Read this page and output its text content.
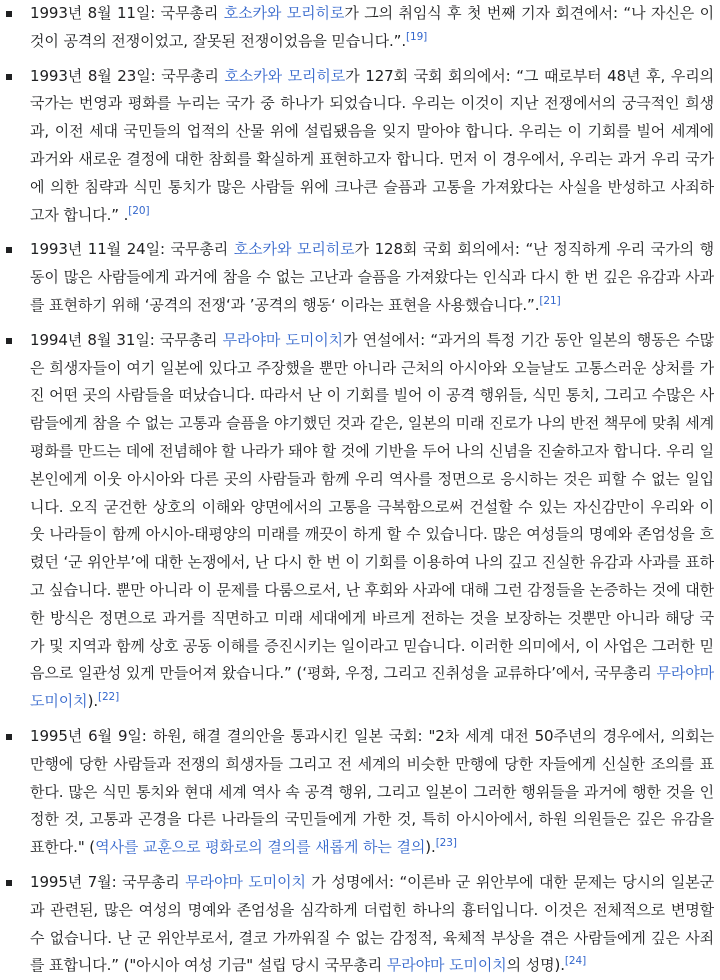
1993년 8월 11일: 국무총리 호소카와 모리히로가 그의 취임식 후 첫 번째 기자 회견에서: “나 자신은 이것이 공격의 전쟁이었고, 잘못된 전쟁이었음을 믿습니다.”.[19]
1993년 8월 23일: 국무총리 호소카와 모리히로가 127회 국회 회의에서: “그 때로부터 48년 후, 우리의 국가는 번영과 평화를 누리는 국가 중 하나가 되었습니다. 우리는 이것이 지난 전쟁에서의 궁극적인 희생과, 이전 세대 국민들의 업적의 산물 위에 설립됐음을 잊지 말아야 합니다. 우리는 이 기회를 빌어 세계에 과거와 새로운 결정에 대한 참회를 확실하게 표현하고자 합니다. 먼저 이 경우에서, 우리는 과거 우리 국가에 의한 침략과 식민 통치가 많은 사람들 위에 크나큰 슬픔과 고통을 가져왔다는 사실을 반성하고 사죄하고자 합니다.” .[20]
1993년 11월 24일: 국무총리 호소카와 모리히로가 128회 국회 회의에서: “난 정직하게 우리 국가의 행동이 많은 사람들에게 과거에 참을 수 없는 고난과 슬픔을 가져왔다는 인식과 다시 한 번 깊은 유감과 사과를 표현하기 위해 ‘공격의 전쟁‘과 ’공격의 행동‘ 이라는 표현을 사용했습니다.”.[21]
1994년 8월 31일: 국무총리 무라야마 도미이치가 연설에서: “과거의 특정 기간 동안 일본의 행동은 수많은 희생자들이 여기 일본에 있다고 주장했을 뿐만 아니라 근처의 아시아와 오늘날도 고통스러운 상처를 가진 어떤 곳의 사람들을 떠났습니다. 따라서 난 이 기회를 빌어 이 공격 행위들, 식민 통치, 그리고 수많은 사람들에게 참을 수 없는 고통과 슬픔을 야기했던 것과 같은, 일본의 미래 진로가 나의 반전 책무에 맞춰 세계 평화를 만드는 데에 전념해야 할 나라가 돼야 할 것에 기반을 두어 나의 신념을 진술하고자 합니다. 우리 일본인에게 이웃 아시아와 다른 곳의 사람들과 함께 우리 역사를 정면으로 응시하는 것은 피할 수 없는 일입니다. 오직 굳건한 상호의 이해와 양면에서의 고통을 극복함으로써 건설할 수 있는 자신감만이 우리와 이웃 나라들이 함께 아시아-태평양의 미래를 깨끗이 하게 할 수 있습니다. 많은 여성들의 명예와 존엄성을 흐렸던 ‘군 위안부’에 대한 논쟁에서, 난 다시 한 번 이 기회를 이용하여 나의 깊고 진실한 유감과 사과를 표하고 싶습니다. 뿐만 아니라 이 문제를 다룸으로서, 난 후회와 사과에 대해 그런 감정들을 논증하는 것에 대한 한 방식은 정면으로 과거를 직면하고 미래 세대에게 바르게 전하는 것을 보장하는 것뿐만 아니라 해당 국가 및 지역과 함께 상호 공동 이해를 증진시키는 일이라고 믿습니다. 이러한 의미에서, 이 사업은 그러한 믿음으로 일관성 있게 만들어져 왔습니다.” (‘평화, 우정, 그리고 진취성을 교류하다’에서, 국무총리 무라야마 도미이치).[22]
1995년 6월 9일: 하원, 해결 결의안을 통과시킨 일본 국회: "2차 세계 대전 50주년의 경우에서, 의회는 만행에 당한 사람들과 전쟁의 희생자들 그리고 전 세계의 비슷한 만행에 당한 자들에게 신실한 조의를 표한다. 많은 식민 통치와 현대 세계 역사 속 공격 행위, 그리고 일본이 그러한 행위들을 과거에 행한 것을 인정한 것, 고통과 곤경을 다른 나라들의 국민들에게 가한 것, 특히 아시아에서, 하원 의원들은 깊은 유감을 표한다." (역사를 교훈으로 평화로의 결의를 새롭게 하는 결의).[23]
1995년 7월: 국무총리 무라야마 도미이치 가 성명에서: “이른바 군 위안부에 대한 문제는 당시의 일본군과 관련된, 많은 여성의 명예와 존엄성을 심각하게 더럽힌 하나의 흉터입니다. 이것은 전체적으로 변명할 수 없습니다. 난 군 위안부로서, 결코 가까워질 수 없는 감정적, 육체적 부상을 겪은 사람들에게 깊은 사죄를 표합니다.” ("아시아 여성 기금" 설립 당시 국무총리 무라야마 도미이치의 성명).[24]
